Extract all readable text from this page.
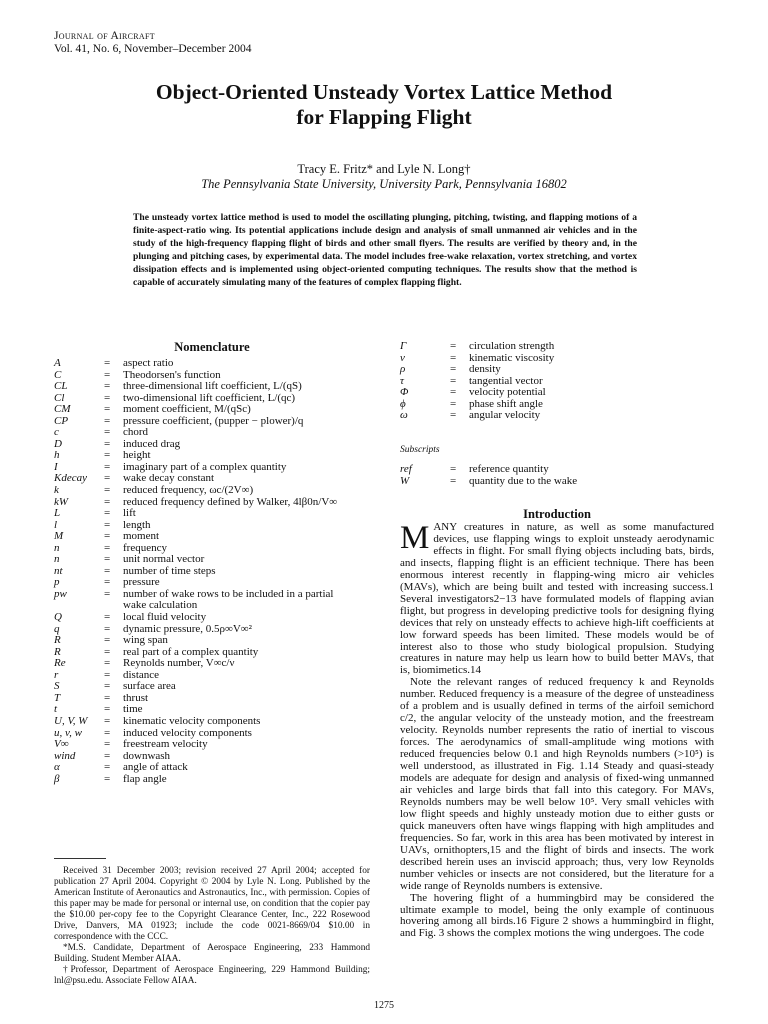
Journal of Aircraft
Vol. 41, No. 6, November–December 2004
Object-Oriented Unsteady Vortex Lattice Method
for Flapping Flight
Tracy E. Fritz* and Lyle N. Long†
The Pennsylvania State University, University Park, Pennsylvania 16802
The unsteady vortex lattice method is used to model the oscillating plunging, pitching, twisting, and flapping motions of a finite-aspect-ratio wing. Its potential applications include design and analysis of small unmanned air vehicles and in the study of the high-frequency flapping flight of birds and other small flyers. The results are verified by theory and, in the plunging and pitching cases, by experimental data. The model includes free-wake relaxation, vortex stretching, and vortex dissipation effects and is implemented using object-oriented computing techniques. The results show that the method is capable of accurately simulating many of the features of complex flapping flight.
Nomenclature
A	=	aspect ratio
C	=	Theodorsen's function
CL	=	three-dimensional lift coefficient, L/(qS)
Cl	=	two-dimensional lift coefficient, L/(qc)
CM	=	moment coefficient, M/(qSc)
CP	=	pressure coefficient, (pupper − plower)/q
c	=	chord
D	=	induced drag
h	=	height
I	=	imaginary part of a complex quantity
Kdecay	=	wake decay constant
k	=	reduced frequency, ωc/(2V∞)
kW	=	reduced frequency defined by Walker, 4lβ0n/V∞
L	=	lift
l	=	length
M	=	moment
n	=	frequency
n	=	unit normal vector
nt	=	number of time steps
p	=	pressure
pw	=	number of wake rows to be included in a partial
wake calculation
Q	=	local fluid velocity
q	=	dynamic pressure, 0.5ρ∞V∞²
R	=	wing span
R	=	real part of a complex quantity
Re	=	Reynolds number, V∞c/ν
r	=	distance
S	=	surface area
T	=	thrust
t	=	time
U, V, W	=	kinematic velocity components
u, v, w	=	induced velocity components
V∞	=	freestream velocity
wind	=	downwash
α	=	angle of attack
β	=	flap angle
Γ	=	circulation strength
ν	=	kinematic viscosity
ρ	=	density
τ	=	tangential vector
Φ	=	velocity potential
ϕ	=	phase shift angle
ω	=	angular velocity
Subscripts
ref	=	reference quantity
W	=	quantity due to the wake
Introduction

MANY creatures in nature, as well as some manufactured devices, use flapping wings to exploit unsteady aerodynamic effects in flight. For small flying objects including bats, birds, and insects, flapping flight is an efficient technique. There has been enormous interest recently in flapping-wing micro air vehicles (MAVs), which are being built and tested with increasing success.1 Several investigators2−13 have formulated models of flapping avian flight, but progress in developing predictive tools for designing flying devices that rely on unsteady effects to achieve high-lift coefficients at low forward speeds has been limited. These models would be of interest also to those who study biological propulsion. Studying creatures in nature may help us learn how to build better MAVs, that is, biomimetics.14

Note the relevant ranges of reduced frequency k and Reynolds number. Reduced frequency is a measure of the degree of unsteadiness of a problem and is usually defined in terms of the airfoil semichord c/2, the angular velocity of the unsteady motion, and the freestream velocity. Reynolds number represents the ratio of inertial to viscous forces. The aerodynamics of small-amplitude wing motions with reduced frequencies below 0.1 and high Reynolds numbers (>10⁵) is well understood, as illustrated in Fig. 1.14 Steady and quasi-steady models are adequate for design and analysis of fixed-wing unmanned air vehicles and large birds that fall into this category. For MAVs, Reynolds numbers may be well below 10⁵. Very small vehicles with low flight speeds and highly unsteady motion due to either gusts or quick maneuvers often have wings flapping with high amplitudes and frequencies. So far, work in this area has been motivated by interest in UAVs, ornithopters,15 and the flight of birds and insects. The work described herein uses an inviscid approach; thus, very low Reynolds number vehicles or insects are not considered, but the literature for a wide range of Reynolds numbers is extensive.

The hovering flight of a hummingbird may be considered the ultimate example to model, being the only example of continuous hovering among all birds.16 Figure 2 shows a hummingbird in flight, and Fig. 3 shows the complex motions the wing undergoes. The code

Received 31 December 2003; revision received 27 April 2004; accepted for publication 27 April 2004. Copyright © 2004 by Lyle N. Long. Published by the American Institute of Aeronautics and Astronautics, Inc., with permission. Copies of this paper may be made for personal or internal use, on condition that the copier pay the $10.00 per-copy fee to the Copyright Clearance Center, Inc., 222 Rosewood Drive, Danvers, MA 01923; include the code 0021-8669/04 $10.00 in correspondence with the CCC.

*M.S. Candidate, Department of Aerospace Engineering, 233 Hammond Building. Student Member AIAA.

†Professor, Department of Aerospace Engineering, 229 Hammond Building; lnl@psu.edu. Associate Fellow AIAA.

1275
